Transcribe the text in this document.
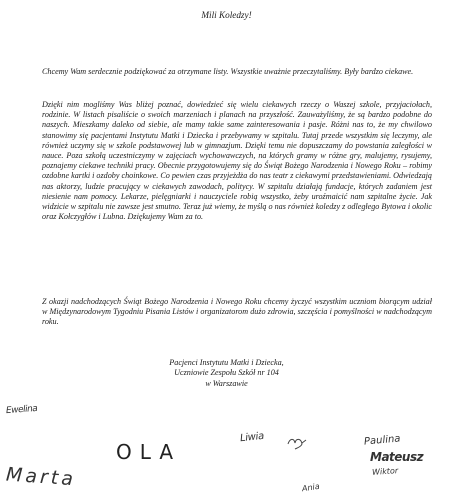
Mili Koledzy!

Chcemy Wam serdecznie podziękować za otrzymane listy. Wszystkie uważnie przeczytaliśmy. Były bardzo ciekawe.

Dzięki nim mogliśmy Was bliżej poznać, dowiedzieć się wielu ciekawych rzeczy o Waszej szkole, przyjaciołach, rodzinie. W listach pisaliście o swoich marzeniach i planach na przyszłość. Zauważyliśmy, że są bardzo podobne do naszych. Mieszkamy daleko od siebie, ale mamy takie same zainteresowania i pasje. Różni nas to, że my chwilowo stanowimy się pacjentami Instytutu Matki i Dziecka i przebywamy w szpitalu. Tutaj przede wszystkim się leczymy, ale również uczymy się w szkole podstawowej lub w gimnazjum. Dzięki temu nie dopuszczamy do powstania zaległości w nauce. Poza szkołą uczestniczymy w zajęciach wychowawczych, na których gramy w różne gry, malujemy, rysujemy, poznajemy ciekawe techniki pracy. Obecnie przygotowujemy się do Świąt Bożego Narodzenia i Nowego Roku – robimy ozdobne kartki i ozdoby choinkowe. Co pewien czas przyjeżdża do nas teatr z ciekawymi przedstawieniami. Odwiedzają nas aktorzy, ludzie pracujący w ciekawych zawodach, politycy. W szpitalu działają fundacje, których zadaniem jest niesienie nam pomocy. Lekarze, pielęgniarki i nauczyciele robią wszystko, żeby uroźmaicić nam szpitalne życie. Jak widzicie w szpitalu nie zawsze jest smutno. Teraz już wiemy, że myślą o nas również koledzy z odległego Bytowa i okolic oraz Kołczygłów i Lubna. Dziękujemy Wam za to.

Z okazji nadchodzących Świąt Bożego Narodzenia i Nowego Roku chcemy życzyć wszystkim uczniom biorącym udział w Międzynarodowym Tygodniu Pisania Listów i organizatorom dużo zdrowia, szczęścia i pomyślności w nadchodzącym roku.

Pacjenci Instytutu Matki i Dziecka,
Uczniowie Zespołu Szkół nr 104
w Warszawie
Ewelina
OLA
Liwia	Paulina
Mateusz
Wiktor
Marta	Ania
